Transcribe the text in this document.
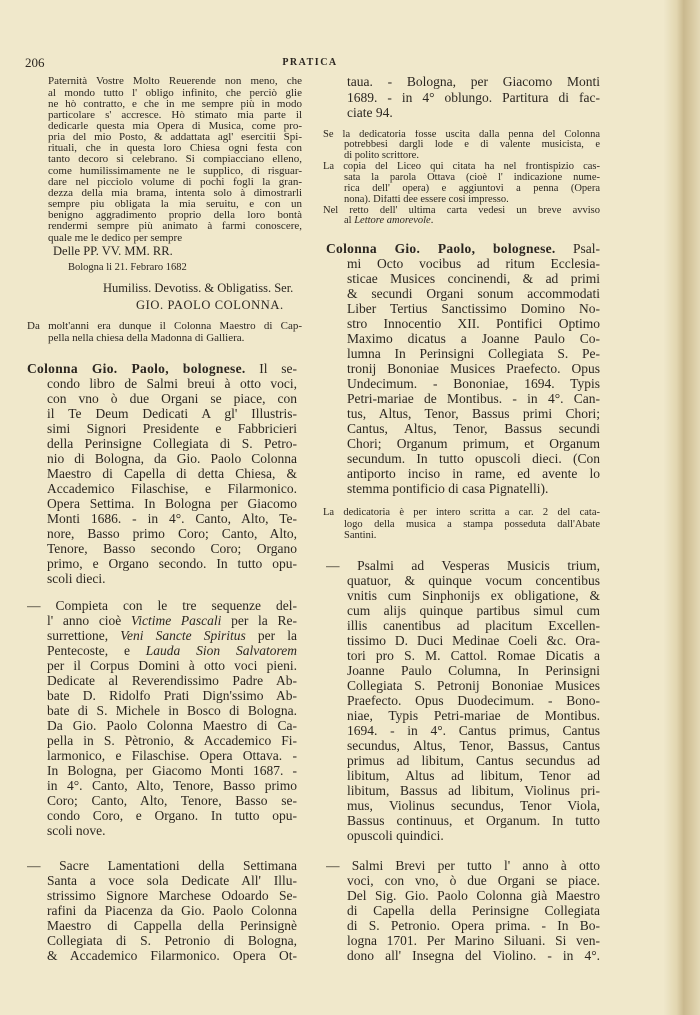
206	PRATICA
Delle PP. VV. MM. RR.
Bologna li 21. Febraro 1682
Humiliss. Devotiss. & Obligatiss. Ser.
GIO. PAOLO COLONNA.
Paternità Vostre Molto Reuerende non meno, che
al mondo tutto l' obligo infinito, che perciò glie
ne hò contratto, e che in me sempre più in modo
particolare s' accresce. Hò stimato mia parte il
dedicarle questa mia Opera di Musica, come pro-
pria del mio Posto, & addattata agl' esercitii Spi-
rituali, che in questa loro Chiesa ogni festa con
tanto decoro si celebrano. Si compiacciano elleno,
come humilissimamente ne le supplico, di risguar-
dare nel picciolo volume di pochi fogli la gran-
dezza della mia brama, intenta solo à dimostrarli
sempre piu obligata la mia seruitu, e con un
benigno aggradimento proprio della loro bontà
rendermi sempre più animato à farmi conoscere,
quale me le dedico per sempre
Da molt'anni era dunque il Colonna Maestro di Cap-
pella nella chiesa della Madonna di Galliera.
Colonna Gio. Paolo, bolognese. Il se-
condo libro de Salmi breui à otto voci,
con vno ò due Organi se piace, con
il Te Deum Dedicati A gl' Illustris-
simi Signori Presidente e Fabbricieri
della Perinsigne Collegiata di S. Petro-
nio di Bologna, da Gio. Paolo Colonna
Maestro di Capella di detta Chiesa, &
Accademico Filaschise, e Filarmonico.
Opera Settima. In Bologna per Giacomo
Monti 1686. - in 4°. Canto, Alto, Te-
nore, Basso primo Coro; Canto, Alto,
Tenore, Basso secondo Coro; Organo
primo, e Organo secondo. In tutto opu-
scoli dieci.
— Compieta con le tre sequenze del-
l' anno cioè Victime Pascali per la Re-
surrettione, Veni Sancte Spiritus per la
Pentecoste, e Lauda Sion Salvatorem
per il Corpus Domini à otto voci pieni.
Dedicate al Reverendissimo Padre Ab-
bate D. Ridolfo Prati Dign'ssimo Ab-
bate di S. Michele in Bosco di Bologna.
Da Gio. Paolo Colonna Maestro di Ca-
pella in S. Pètronio, & Accademico Fi-
larmonico, e Filaschise. Opera Ottava. -
In Bologna, per Giacomo Monti 1687. -
in 4°. Canto, Alto, Tenore, Basso primo
Coro; Canto, Alto, Tenore, Basso se-
condo Coro, e Organo. In tutto opu-
scoli nove.
— Sacre Lamentationi della Settimana
Santa a voce sola Dedicate All' Illu-
strissimo Signore Marchese Odoardo Se-
rafini da Piacenza da Gio. Paolo Colonna
Maestro di Cappella della Perinsignè
Collegiata di S. Petronio di Bologna,
& Accademico Filarmonico. Opera Ot-
taua. - Bologna, per Giacomo Monti
1689. - in 4° oblungo. Partitura di fac-
ciate 94.
Se la dedicatoria fosse uscita dalla penna del Colonna
potrebbesi dargli lode e di valente musicista, e
di polito scrittore.
La copia del Liceo qui citata ha nel frontispizio cas-
sata la parola Ottava (cioè l' indicazione nume-
rica dell' opera) e aggiuntovi a penna (Opera
nona). Difatti dee essere cosi impresso.
Nel retto dell' ultima carta vedesi un breve avviso
al Lettore amorevole.
Colonna Gio. Paolo, bolognese. Psal-
mi Octo vocibus ad ritum Ecclesia-
sticae Musices concinendi, & ad primi
& secundi Organi sonum accommodati
Liber Tertius Sanctissimo Domino No-
stro Innocentio XII. Pontifici Optimo
Maximo dicatus a Joanne Paulo Co-
lumna In Perinsigni Collegiata S. Pe-
tronij Bononiae Musices Praefecto. Opus
Undecimum. - Bononiae, 1694. Typis
Petri-mariae de Montibus. - in 4°. Can-
tus, Altus, Tenor, Bassus primi Chori;
Cantus, Altus, Tenor, Bassus secundi
Chori; Organum primum, et Organum
secundum. In tutto opuscoli dieci. (Con
antiporto inciso in rame, ed avente lo
stemma pontificio di casa Pignatelli).
La dedicatoria è per intero scritta a car. 2 del cata-
logo della musica a stampa posseduta dall'Abate
Santini.
— Psalmi ad Vesperas Musicis trium,
quatuor, & quinque vocum concentibus
vnitis cum Sinphonijs ex obligatione, &
cum alijs quinque partibus simul cum
illis canentibus ad placitum Excellen-
tissimo D. Duci Medinae Coeli &c. Ora-
tori pro S. M. Cattol. Romae Dicatis a
Joanne Paulo Columna, In Perinsigni
Collegiata S. Petronij Bononiae Musices
Praefecto. Opus Duodecimum. - Bono-
niae, Typis Petri-mariae de Montibus.
1694. - in 4°. Cantus primus, Cantus
secundus, Altus, Tenor, Bassus, Cantus
primus ad libitum, Cantus secundus ad
libitum, Altus ad libitum, Tenor ad
libitum, Bassus ad libitum, Violinus pri-
mus, Violinus secundus, Tenor Viola,
Bassus continuus, et Organum. In tutto
opuscoli quindici.
— Salmi Brevi per tutto l' anno à otto
voci, con vno, ò due Organi se piace.
Del Sig. Gio. Paolo Colonna già Maestro
di Capella della Perinsigne Collegiata
di S. Petronio. Opera prima. - In Bo-
logna 1701. Per Marino Siluani. Si ven-
dono all' Insegna del Violino. - in 4°.
